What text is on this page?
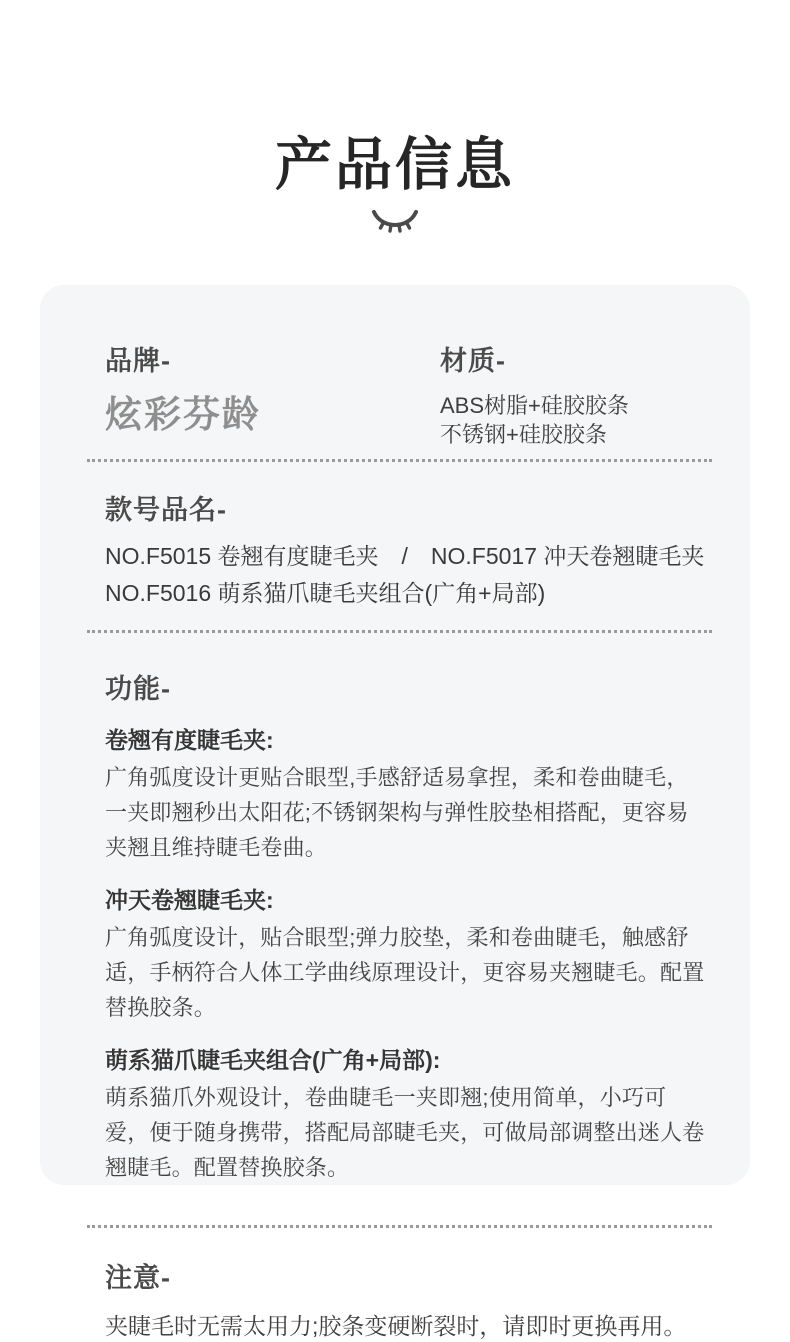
产品信息
品牌-
炫彩芬龄
材质-
ABS树脂+硅胶胶条
不锈钢+硅胶胶条
款号品名-
NO.F5015 卷翘有度睫毛夹　/　NO.F5017 冲天卷翘睫毛夹
NO.F5016 萌系猫爪睫毛夹组合(广角+局部)
功能-
卷翘有度睫毛夹:
广角弧度设计更贴合眼型,手感舒适易拿捏，柔和卷曲睫毛，一夹即翘秒出太阳花;不锈钢架构与弹性胶垫相搭配，更容易夹翘且维持睫毛卷曲。
冲天卷翘睫毛夹:
广角弧度设计，贴合眼型;弹力胶垫，柔和卷曲睫毛，触感舒适，手柄符合人体工学曲线原理设计，更容易夹翘睫毛。配置替换胶条。
萌系猫爪睫毛夹组合(广角+局部):
萌系猫爪外观设计，卷曲睫毛一夹即翘;使用简单，小巧可爱，便于随身携带，搭配局部睫毛夹，可做局部调整出迷人卷翘睫毛。配置替换胶条。
注意-
夹睫毛时无需太用力;胶条变硬断裂时，请即时更换再用。
